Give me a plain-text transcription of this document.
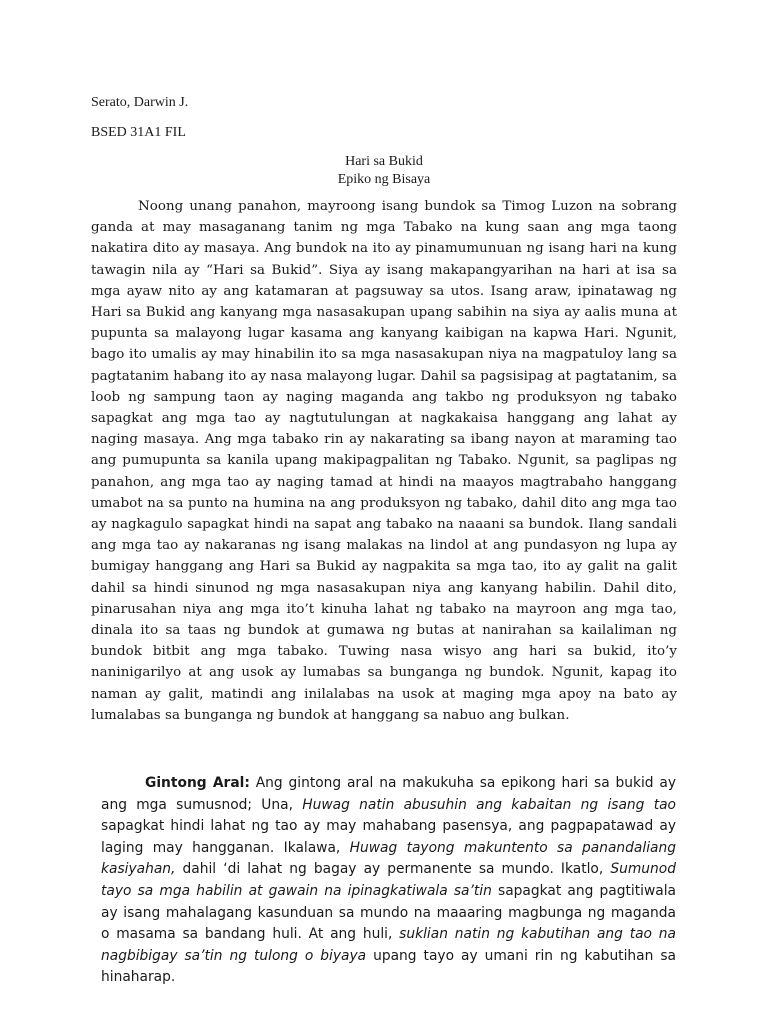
Serato, Darwin J.
BSED 31A1 FIL
Hari sa Bukid
Epiko ng Bisaya

Noong unang panahon, mayroong isang bundok sa Timog Luzon na sobrang ganda at may masaganang tanim ng mga Tabako na kung saan ang mga taong nakatira dito ay masaya. Ang bundok na ito ay pinamumunuan ng isang hari na kung tawagin nila ay “Hari sa Bukid”. Siya ay isang makapangyarihan na hari at isa sa mga ayaw nito ay ang katamaran at pagsuway sa utos. Isang araw, ipinatawag ng Hari sa Bukid ang kanyang mga nasasakupan upang sabihin na siya ay aalis muna at pupunta sa malayong lugar kasama ang kanyang kaibigan na kapwa Hari. Ngunit, bago ito umalis ay may hinabilin ito sa mga nasasakupan niya na magpatuloy lang sa pagtatanim habang ito ay nasa malayong lugar. Dahil sa pagsisipag at pagtatanim, sa loob ng sampung taon ay naging maganda ang takbo ng produksyon ng tabako sapagkat ang mga tao ay nagtutulungan at nagkakaisa hanggang ang lahat ay naging masaya. Ang mga tabako rin ay nakarating sa ibang nayon at maraming tao ang pumupunta sa kanila upang makipagpalitan ng Tabako. Ngunit, sa paglipas ng panahon, ang mga tao ay naging tamad at hindi na maayos magtrabaho hanggang umabot na sa punto na humina na ang produksyon ng tabako, dahil dito ang mga tao ay nagkagulo sapagkat hindi na sapat ang tabako na naaani sa bundok. Ilang sandali ang mga tao ay nakaranas ng isang malakas na lindol at ang pundasyon ng lupa ay bumigay hanggang ang Hari sa Bukid ay nagpakita sa mga tao, ito ay galit na galit dahil sa hindi sinunod ng mga nasasakupan niya ang kanyang habilin. Dahil dito, pinarusahan niya ang mga ito’t kinuha lahat ng tabako na mayroon ang mga tao, dinala ito sa taas ng bundok at gumawa ng butas at nanirahan sa kailaliman ng bundok bitbit ang mga tabako. Tuwing nasa wisyo ang hari sa bukid, ito’y naninigarilyo at ang usok ay lumabas sa bunganga ng bundok. Ngunit, kapag ito naman ay galit, matindi ang inilalabas na usok at maging mga apoy na bato ay lumalabas sa bunganga ng bundok at hanggang sa nabuo ang bulkan.

Gintong Aral: Ang gintong aral na makukuha sa epikong hari sa bukid ay ang mga sumusnod; Una, Huwag natin abusuhin ang kabaitan ng isang tao sapagkat hindi lahat ng tao ay may mahabang pasensya, ang pagpapatawad ay laging may hangganan. Ikalawa, Huwag tayong makuntento sa panandaliang kasiyahan, dahil ‘di lahat ng bagay ay permanente sa mundo. Ikatlo, Sumunod tayo sa mga habilin at gawain na ipinagkatiwala sa’tin sapagkat ang pagtitiwala ay isang mahalagang kasunduan sa mundo na maaaring magbunga ng maganda o masama sa bandang huli. At ang huli, suklian natin ng kabutihan ang tao na nagbibigay sa’tin ng tulong o biyaya upang tayo ay umani rin ng kabutihan sa hinaharap.
